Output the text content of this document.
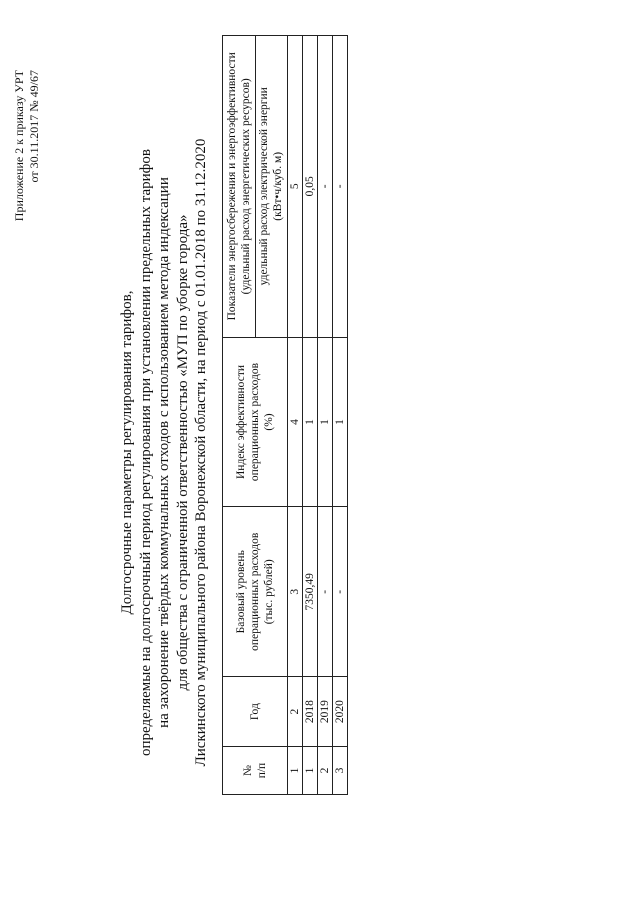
Приложение 2 к приказу УРТ от 30.11.2017 № 49/67
Долгосрочные параметры регулирования тарифов, определяемые на долгосрочный период регулирования при установлении предельных тарифов на захоронение твёрдых коммунальных отходов с использованием метода индексации для общества с ограниченной ответственностью «МУП по уборке города» Лискинского муниципального района Воронежской области, на период с 01.01.2018 по 31.12.2020
№ п/п	Год	Базовый уровень операционных расходов (тыс. рублей)	Индекс эффективности операционных расходов (%)	Показатели энергосбережения и энергоэффективности (удельный расход энергетических ресурсов) удельный расход электрической энергии (кВт•ч/куб. м)

1	2	3	4	5
1	2018	7350,49	1	0,05
2	2019	-	1	-
3	2020	-	1	-
